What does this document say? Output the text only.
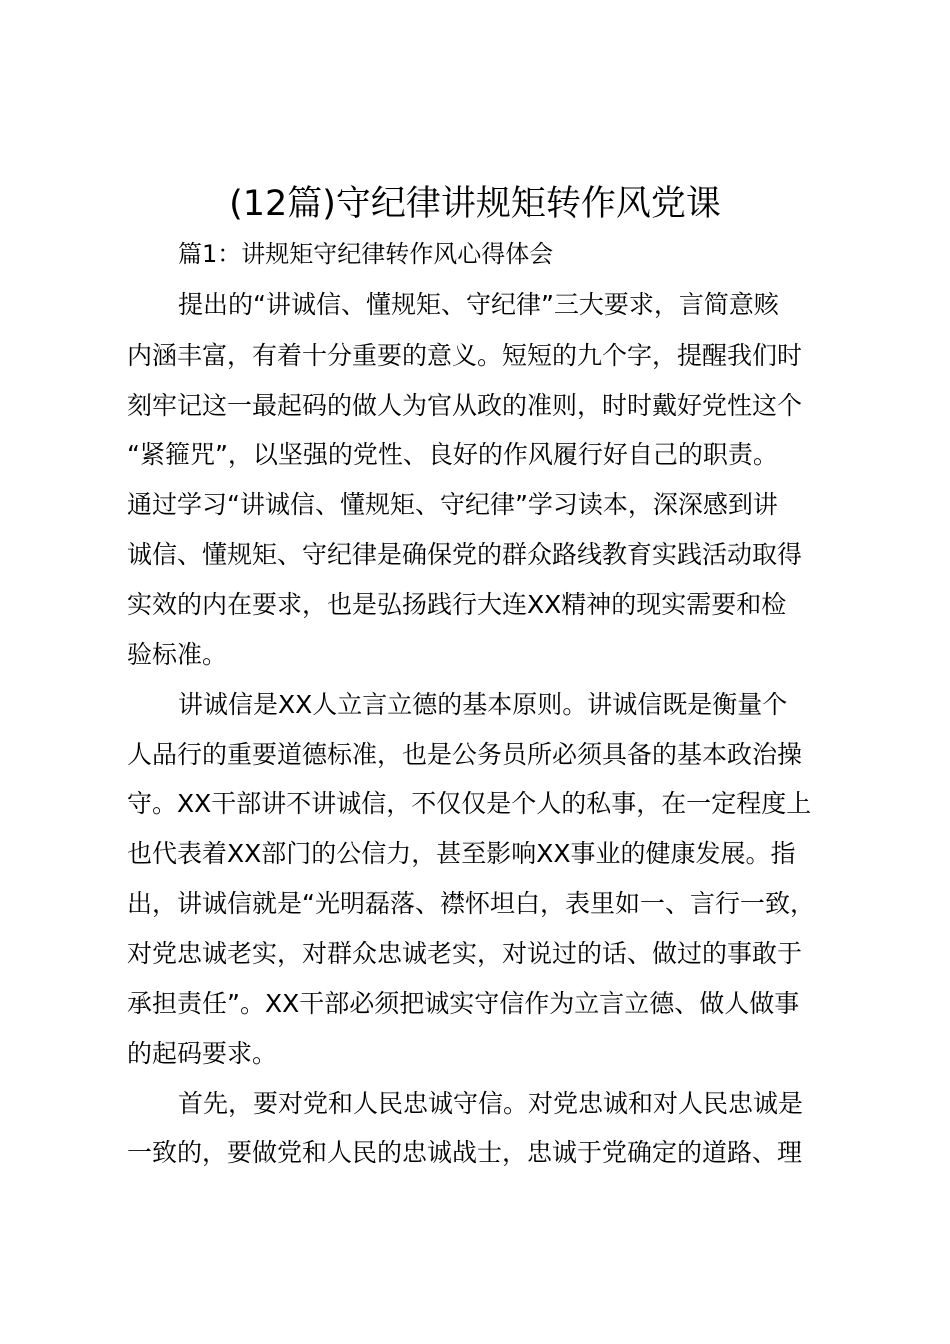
(12篇)守纪律讲规矩转作风党课

篇1：讲规矩守纪律转作风心得体会

提出的“讲诚信、懂规矩、守纪律”三大要求，言简意赅

内涵丰富，有着十分重要的意义。短短的九个字，提醒我们时

刻牢记这一最起码的做人为官从政的准则，时时戴好党性这个

“紧箍咒”，以坚强的党性、良好的作风履行好自己的职责。

通过学习“讲诚信、懂规矩、守纪律”学习读本，深深感到讲

诚信、懂规矩、守纪律是确保党的群众路线教育实践活动取得

实效的内在要求，也是弘扬践行大连XX精神的现实需要和检

验标准。

讲诚信是XX人立言立德的基本原则。讲诚信既是衡量个

人品行的重要道德标准，也是公务员所必须具备的基本政治操

守。XX干部讲不讲诚信，不仅仅是个人的私事，在一定程度上

也代表着XX部门的公信力，甚至影响XX事业的健康发展。指

出，讲诚信就是“光明磊落、襟怀坦白，表里如一、言行一致，

对党忠诚老实，对群众忠诚老实，对说过的话、做过的事敢于

承担责任”。XX干部必须把诚实守信作为立言立德、做人做事

的起码要求。

首先，要对党和人民忠诚守信。对党忠诚和对人民忠诚是

一致的，要做党和人民的忠诚战士，忠诚于党确定的道路、理
